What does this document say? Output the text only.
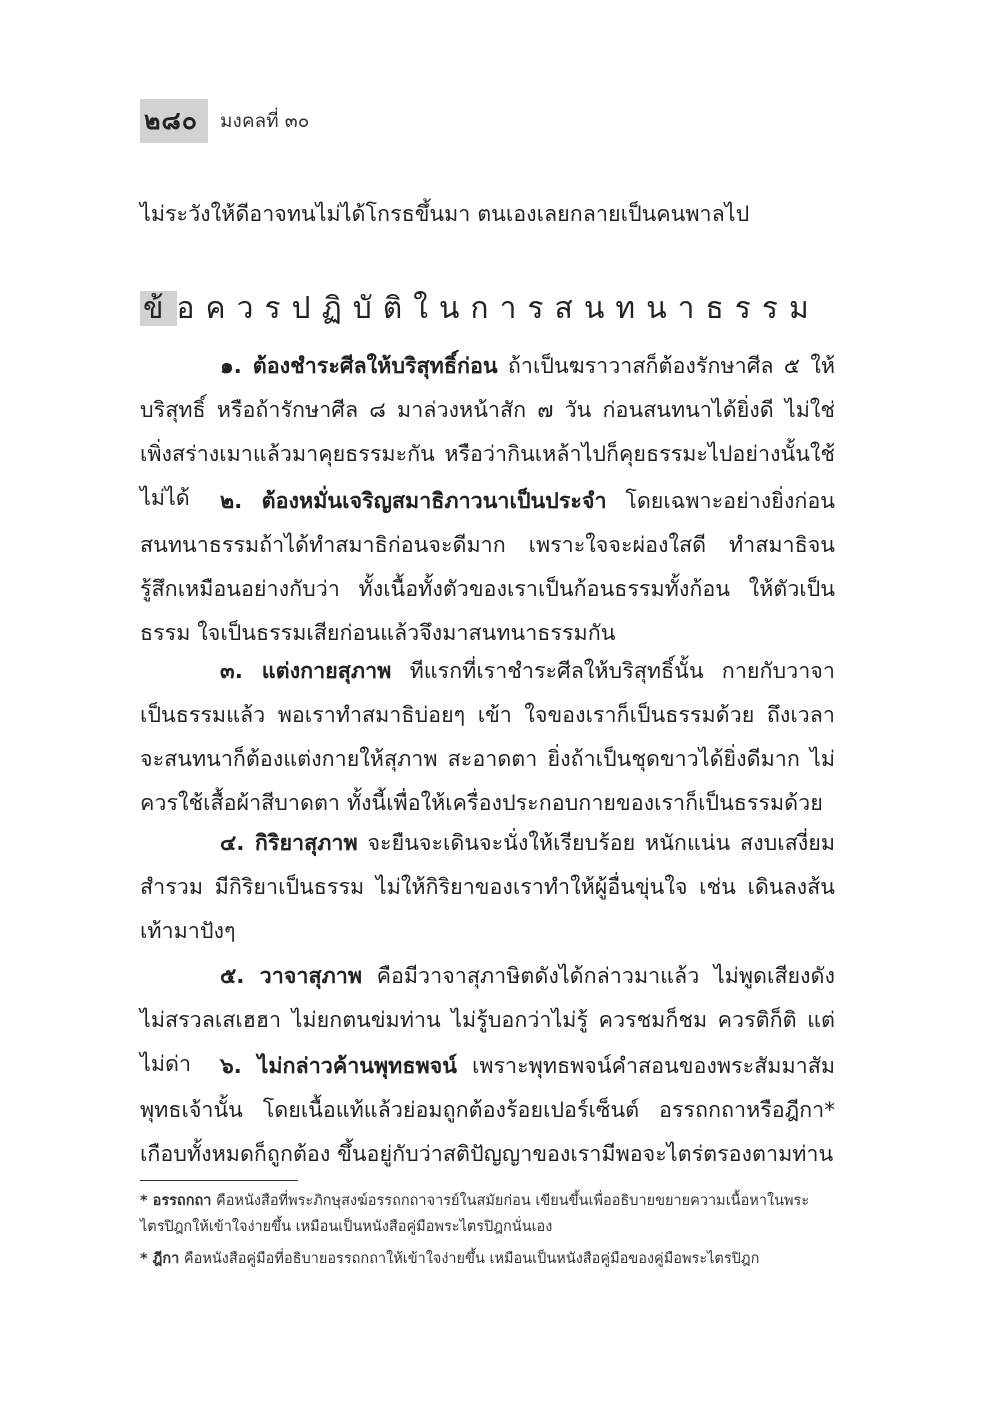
๒๘๐	มงคลที่ ๓๐

ไม่ระวังให้ดีอาจทนไม่ได้โกรธขึ้นมา ตนเองเลยกลายเป็นคนพาลไป

ข้อควรปฏิบัติในการสนทนาธรรม

๑. ต้องชำระศีลให้บริสุทธิ์ก่อน ถ้าเป็นฆราวาสก็ต้องรักษาศีล ๕ ให้บริสุทธิ์ หรือถ้ารักษาศีล ๘ มาล่วงหน้าสัก ๗ วัน ก่อนสนทนาได้ยิ่งดี ไม่ใช่เพิ่งสร่างเมาแล้วมาคุยธรรมะกัน หรือว่ากินเหล้าไปก็คุยธรรมะไปอย่างนั้นใช้ไม่ได้	๒. ต้องหมั่นเจริญสมาธิภาวนาเป็นประจำ โดยเฉพาะอย่างยิ่งก่อนสนทนาธรรมถ้าได้ทำสมาธิก่อนจะดีมาก เพราะใจจะผ่องใสดี ทำสมาธิจนรู้สึกเหมือนอย่างกับว่า ทั้งเนื้อทั้งตัวของเราเป็นก้อนธรรมทั้งก้อน ให้ตัวเป็นธรรม ใจเป็นธรรมเสียก่อนแล้วจึงมาสนทนาธรรมกัน

๓. แต่งกายสุภาพ ทีแรกที่เราชำระศีลให้บริสุทธิ์นั้น กายกับวาจาเป็นธรรมแล้ว พอเราทำสมาธิบ่อยๆ เข้า ใจของเราก็เป็นธรรมด้วย ถึงเวลาจะสนทนาก็ต้องแต่งกายให้สุภาพ สะอาดตา ยิ่งถ้าเป็นชุดขาวได้ยิ่งดีมาก ไม่ควรใช้เสื้อผ้าสีบาดตา ทั้งนี้เพื่อให้เครื่องประกอบกายของเราก็เป็นธรรมด้วย

๔. กิริยาสุภาพ จะยืนจะเดินจะนั่งให้เรียบร้อย หนักแน่น สงบเสงี่ยม สำรวม มีกิริยาเป็นธรรม ไม่ให้กิริยาของเราทำให้ผู้อื่นขุ่นใจ เช่น เดินลงส้นเท้ามาปังๆ

๕. วาจาสุภาพ คือมีวาจาสุภาษิตดังได้กล่าวมาแล้ว ไม่พูดเสียงดัง ไม่สรวลเสเฮฮา ไม่ยกตนข่มท่าน ไม่รู้บอกว่าไม่รู้ ควรชมก็ชม ควรติก็ติ แต่ไม่ด่า	๖. ไม่กล่าวค้านพุทธพจน์ เพราะพุทธพจน์คำสอนของพระสัมมาสัมพุทธเจ้านั้น โดยเนื้อแท้แล้วย่อมถูกต้องร้อยเปอร์เซ็นต์ อรรถกถาหรือฎีกา* เกือบทั้งหมดก็ถูกต้อง ขึ้นอยู่กับว่าสติปัญญาของเรามีพอจะไตร่ตรองตามท่าน

* อรรถกถา คือหนังสือที่พระภิกษุสงฆ์อรรถกถาจารย์ในสมัยก่อน เขียนขึ้นเพื่ออธิบายขยายความเนื้อหาในพระไตรปิฎกให้เข้าใจง่ายขึ้น เหมือนเป็นหนังสือคู่มือพระไตรปิฎกนั่นเอง

* ฎีกา คือหนังสือคู่มือที่อธิบายอรรถกถาให้เข้าใจง่ายขึ้น เหมือนเป็นหนังสือคู่มือของคู่มือพระไตรปิฎก
